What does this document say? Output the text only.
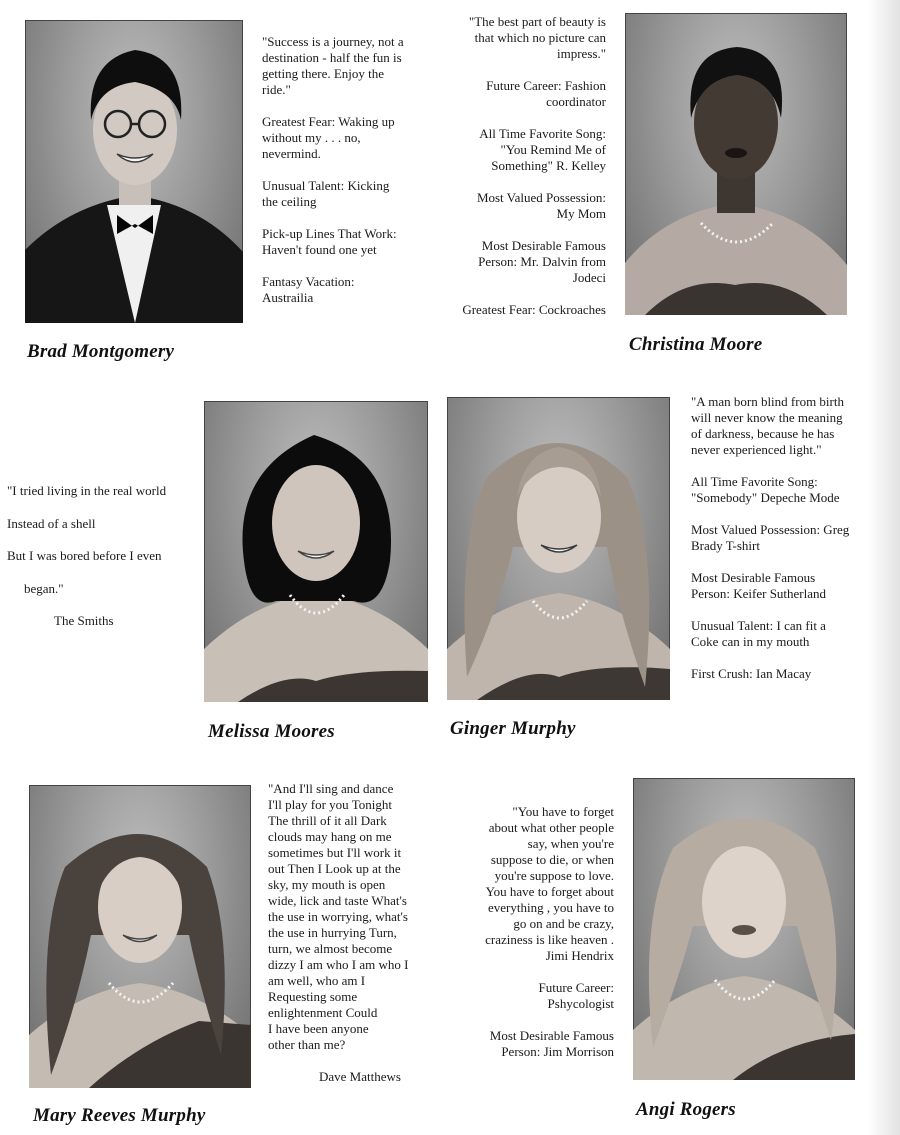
Brad Montgomery

"Success is a journey, not a
destination - half the fun is
getting there. Enjoy the
ride."

Greatest Fear: Waking up
without my . . . no,
nevermind.

Unusual Talent: Kicking
the ceiling

Pick-up Lines That Work:
Haven't found one yet

Fantasy Vacation:
Austrailia

"The best part of beauty is
that which no picture can
impress."

Future Career: Fashion
coordinator

All Time Favorite Song:
"You Remind Me of
Something" R. Kelley

Most Valued Possession:
My Mom

Most Desirable Famous
Person: Mr. Dalvin from
Jodeci

Greatest Fear: Cockroaches

Christina Moore

"I tried living in the real world

Instead of a shell

But I was bored before I even

began."

The Smiths

Melissa Moores	Ginger Murphy

"A man born blind from birth
will never know the meaning
of darkness, because he has
never experienced light."

All Time Favorite Song:
"Somebody" Depeche Mode

Most Valued Possession: Greg
Brady T-shirt

Most Desirable Famous
Person: Keifer Sutherland

Unusual Talent: I can fit a
Coke can in my mouth

First Crush: Ian Macay

Mary Reeves Murphy

"And I'll sing and dance
I'll play for you Tonight
The thrill of it all Dark
clouds may hang on me
sometimes but I'll work it
out Then I Look up at the
sky, my mouth is open
wide, lick and taste What's
the use in worrying, what's
the use in hurrying Turn,
turn, we almost become
dizzy I am who I am who I
am well, who am I
Requesting some
enlightenment Could
I have been anyone
other than me?

Dave Matthews

"You have to forget
about what other people
say, when you're
suppose to die, or when
you're suppose to love.
You have to forget about
everything , you have to
go on and be crazy,
craziness is like heaven .
Jimi Hendrix

Future Career:
Pshycologist

Most Desirable Famous
Person: Jim Morrison

Angi Rogers
